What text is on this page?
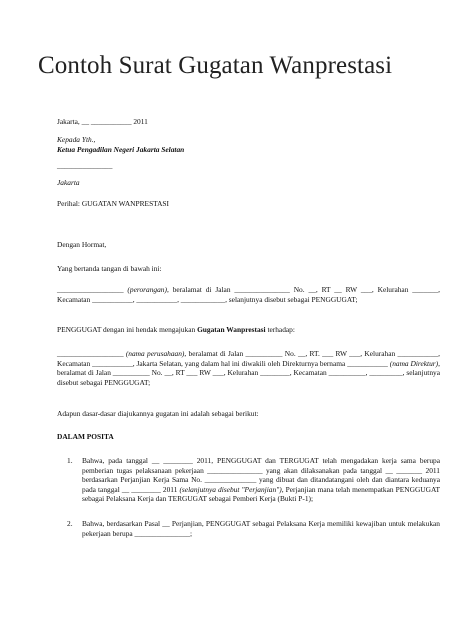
Contoh Surat Gugatan Wanprestasi

Jakarta, __ ___________ 2011

Kepada Yth.,

Ketua Pengadilan Negeri Jakarta Selatan

_______________

Jakarta

Perihal: GUGATAN WANPRESTASI

Dengan Hormat,

Yang bertanda tangan di bawah ini:

__________________ (perorangan), beralamat di Jalan _______________ No. __, RT __ RW ___, Kelurahan _______, Kecamatan ___________, ___________, ____________, selanjutnya disebut sebagai PENGGUGAT;

PENGGUGAT dengan ini hendak mengajukan Gugatan Wanprestasi terhadap:

__________________ (nama perusahaan), beralamat di Jalan __________ No. __, RT. ___ RW ___, Kelurahan ___________, Kecamatan ___________, Jakarta Selatan, yang dalam hal ini diwakili oleh Direkturnya bernama ___________ (nama Direktur), beralamat di Jalan __________ No. __, RT ___ RW ___, Kelurahan ________, Kecamatan __________, _________, selanjutnya disebut sebagai PENGGUGAT;

Adapun dasar-dasar diajukannya gugatan ini adalah sebagai berikut:

DALAM POSITA

1. Bahwa, pada tanggal __ ________ 2011, PENGGUGAT dan TERGUGAT telah mengadakan kerja sama berupa pemberian tugas pelaksanaan pekerjaan _______________ yang akan dilaksanakan pada tanggal __ _______ 2011 berdasarkan Perjanjian Kerja Sama No. ______________ yang dibuat dan ditandatangani oleh dan diantara keduanya pada tanggal __ ________ 2011 (selanjutnya disebut "Perjanjian"), Perjanjian mana telah menempatkan PENGGUGAT sebagai Pelaksana Kerja dan TERGUGAT sebagai Pemberi Kerja (Bukti P-1);

2. Bahwa, berdasarkan Pasal __ Perjanjian, PENGGUGAT sebagai Pelaksana Kerja memiliki kewajiban untuk melakukan pekerjaan berupa _______________;
